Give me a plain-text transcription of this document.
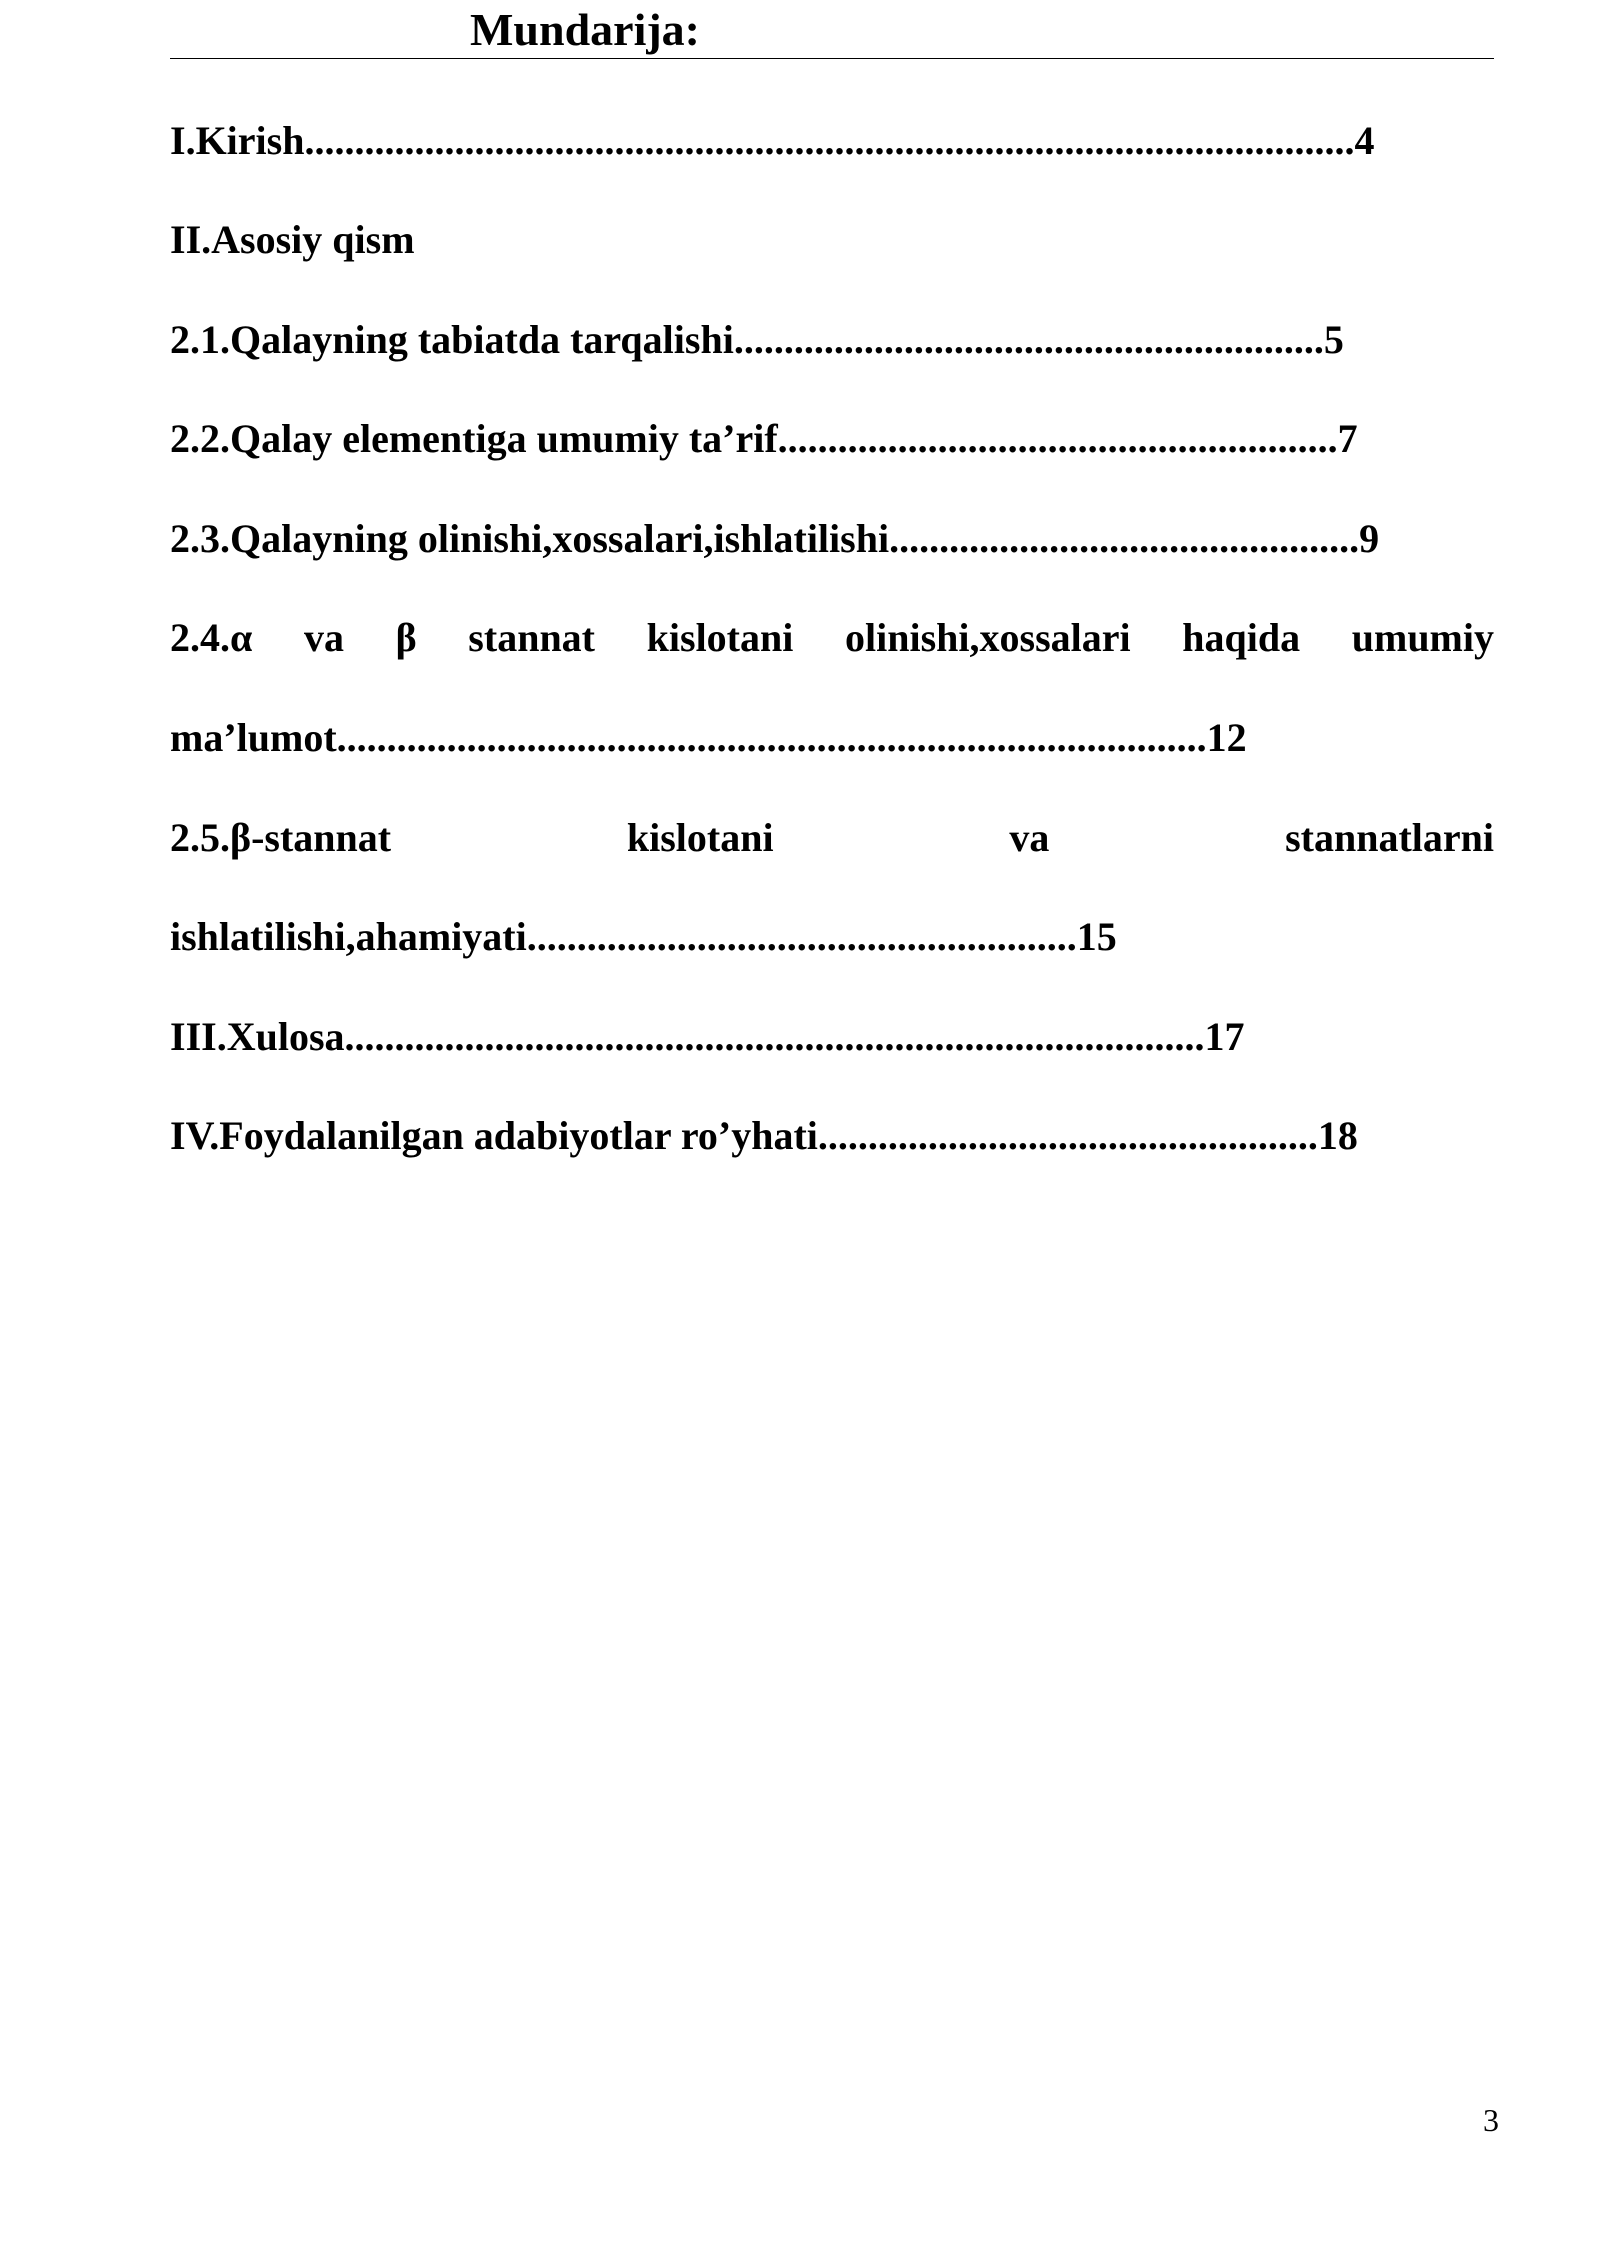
Mundarija:
I.Kirish.........................................................................................................4
II.Asosiy qism
2.1.Qalayning tabiatda tarqalishi...........................................................5
2.2.Qalay elementiga umumiy ta’rif........................................................7
2.3.Qalayning olinishi,xossalari,ishlatilishi...............................................9
2.4.α va β stannat kislotani olinishi,xossalari haqida umumiy
ma’lumot.......................................................................................12
2.5.β-stannat kislotani va stannatlarni
ishlatilishi,ahamiyati.......................................................15
III.Xulosa......................................................................................17
IV.Foydalanilgan adabiyotlar ro’yhati..................................................18
3
